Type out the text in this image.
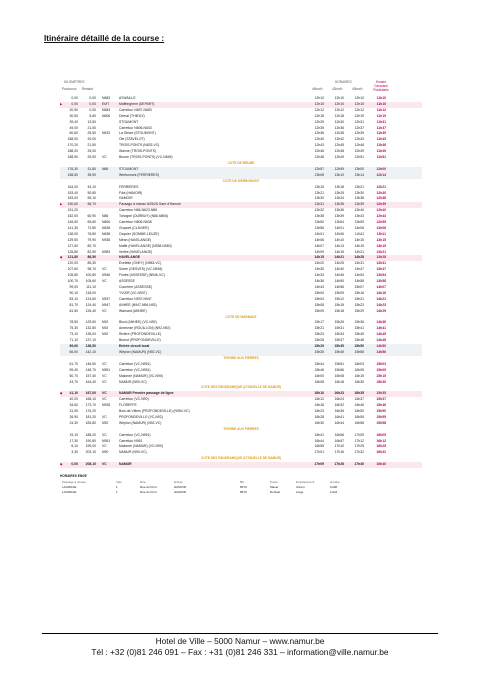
Itinéraire détaillé de la course :
KILOMETRES
Parcourus Restant
HORAIRES
44km/h	42km/h	40km/h
Horaire Caravane Publicitaire
0,00	0,00 N683	AYWAILLE	12h10	12h10	12h10	11h10
▶	0,00	0,00 EMT	Maffringhem (DEPART)	12h10	12h10	12h10	11h10
20,90	0,00 N683	Carrefour N697-N683	12h12	12h12	12h12	11h12
30,50	5,60 N606	Deeral (THIEUX)	12h18	12h18	12h19	11h19
39,40	13,50	STOUMONT	12h29	12h30	12h31	11h31
49,00	21,50	Carrefour N606-N633	12h35	12h36	12h37	11h37
60,60	25,50 N633	La Gleize (STOUMONT)	12h36	12h38	12h39	11h39
188,00	20,00	Oie (STAVELOT)	12h40	12h42	12h43	11h43
170,20	21,50	TROIS-PONTS (N633-VC)	12h43	12h45	12h46	11h46
188,20	25,00	Wanne (TROIS-PONTS)	12h46	12h48	12h49	11h49
188,90	25,90 VC	Brume (TROIS-PONTS) (VC-N645)	12h48	12h49	12h51	11h51
COTE DE BRUME
176,30	31,80 N66	STOUMONT	12h57	12h59	13h00	12h00
158,60	35,90	Werbomont (FERRIERES)	13h08	13h10	13h14	12h14
COTE DE WERBOMONT
164,00	44,10	FERRIERES	13h15	13h18	13h21	12h21
153,40	50,80	Filot (HAMOIR)	13h21	13h25	13h30	12h30
183,00	55,10	HAMOIR	13h30	13h34	13h38	12h38
▶	150,60	56,70	Passage à niveau N25/26 Gare d'Hamoir	13h31	13h35	13h39	12h39
151,20	Carrefour N66-N623-N86	13h32	13h36	13h40	12h40
152,00	60,90 N86	Tohogne (DURBUY) (N86-N806)	13h38	13h39	13h43	12h43
146,50	69,60 N806	Carrefour N806-N638	13h50	13h54	13h59	12h59
141,30	72,80 N638	Grupont (CLAVIER)	13h56	14h01	14h06	13h06
136,00	76,80 N638	Ocquier (SOMME-LEUZE)	14h01	14h06	14h11	13h11
129,50	79,90 N938	Méan (HAVELANGE)	14h06	14h10	14h15	13h15
127,60	80,70	Maffe (HAVELANGE) (N938-N983)	14h07	14h13	14h19	13h19
125,80	82,90 N983	Verlée (HAVELANGE)	14h09	14h15	14h21	13h21
◆	121,80	86,50	HAVELANGE	14h15	14h21	14h28	13h28
120,00	85,30	Evelette (OHEY) (N983-VC)	14h20	14h25	14h31	13h31
107,60	98,70 VC	Sorée (GESVES) (VC-N946)	14h30	14h40	14h47	13h47
105,80	100,80 N946	Florée (ASSESSE) (N946-VC)	14h33	14h46	14h54	13h54
100,70	105,60 VC	ASSESSE	14h36	14h50	14h58	13h58
99,00	111,10	Courrière (ASSESSE)	14h43	14h56	15h07	14h07
90,10	118,00	YVOIR (VC-N937)	15h00	15h09	15h16	14h16
83,10	124,60 N937	Carrefour N937-N947	15h04	15h12	15h21	14h21
81,70	124,40 N947	ANHEE (N947-N96-N92)	15h08	15h15	15h23	14h23
81,50	126,40 VC	Warnant (ANHEE)	15h09	15h18	15h29	14h29
COTE DE WARNANT
78,50	129,60 N92	Bioul (ANHEE) (VC-N92)	15h17	15h26	15h36	14h36
75,30	132,80 N92	Annevoie (ROUILLON) (N92-N92)	15h21	15h31	15h41	14h41
73,10	135,00 N92	Rivière (PROFONDEVILLE)	15h24	15h34	15h45	14h45
71,10	137,10	Burnot (PROFONDEVILLE)	15h26	15h37	15h48	14h48
69,60	138,50	Entrée circuit local	15h29	15h39	15h50	14h50
66,00	142,10	Wépion (NAMUR) (N92-VC)	15h35	15h45	15h56	14h56
THYNNE AUX PIERRES
61,70	146,50 VC	Carrefour (VC-N951)	15h44	15h51	16h03	15h03
59,40	148,70 N951	Carrefour (VC-N951)	15h46	15h56	16h05	15h05
50,70	157,40 VC	Malonne (NAMUR) (VC-N90)	16h00	16h08	16h15	15h15
43,70	164,40 VC	NAMUR (N90-VC)	16h08	16h18	16h30	15h30
COTE DES PANORAMIQUE (CITADELLE DE NAMUR)
◆	41,10	167,00 VC	NAMUR Premier passage de ligne	16h10	16h23	16h35	15h35
40,00	168,10 VC	Carrefour (VC-N90)	16h12	16h24	16h37	15h37
34,60	173,70 N928	FLOREFFE	16h18	16h32	16h46	15h46
31,90	176,20	Bois-de-Villers (PROFONDEVILLE) (N954-VC)	16h23	16h35	16h50	15h50
26,90	181,20 VC	PROFONDEVILLE (VC-N92)	16h28	16h41	16h55	15h55
24,30	183,80 N92	Wépion (NAMUR) (N92-VC)	16h30	16h44	16h58	15h58
THYNNE AUX PIERRES
19,10	188,20 VC	Carrefour (VC-N951)	16h41	16h56	17h09	16h09
17,30	190,80 N951	Carrefour N951	16h44	16h57	17h12	16h12
6,10	199,00 VC	Malonne (NAMUR) (VC-N90)	16h55	17h10	17h25	16h25
3,30	203,10 N90	NAMUR (N90-VC)	17h01	17h16	17h32	16h32
COTE DES PANORAMIQUE (CITADELLE DE NAMUR)
◆	0,00	208,10 VC	NAMUR	17h09	17h26	17h40	16h40
HORAIRES ENGE
Passage à niveau	Voie	Rue	Entrée	BK	Poste	Emplacement	Horaire
LAGRNAE	1	Rue du Pont	HAMOIR	8570	Mauer	Ahrem	1H00
LAGRNAE	1	Rue du Pont	HAMOIR	8570	Dohwat	Liège	1H44
Hotel de Ville – 5000 Namur – www.namur.be
Tél : +32 (0)81 246 091 – Fax : +31 (0)81 246 331 – information@ville.namur.be
